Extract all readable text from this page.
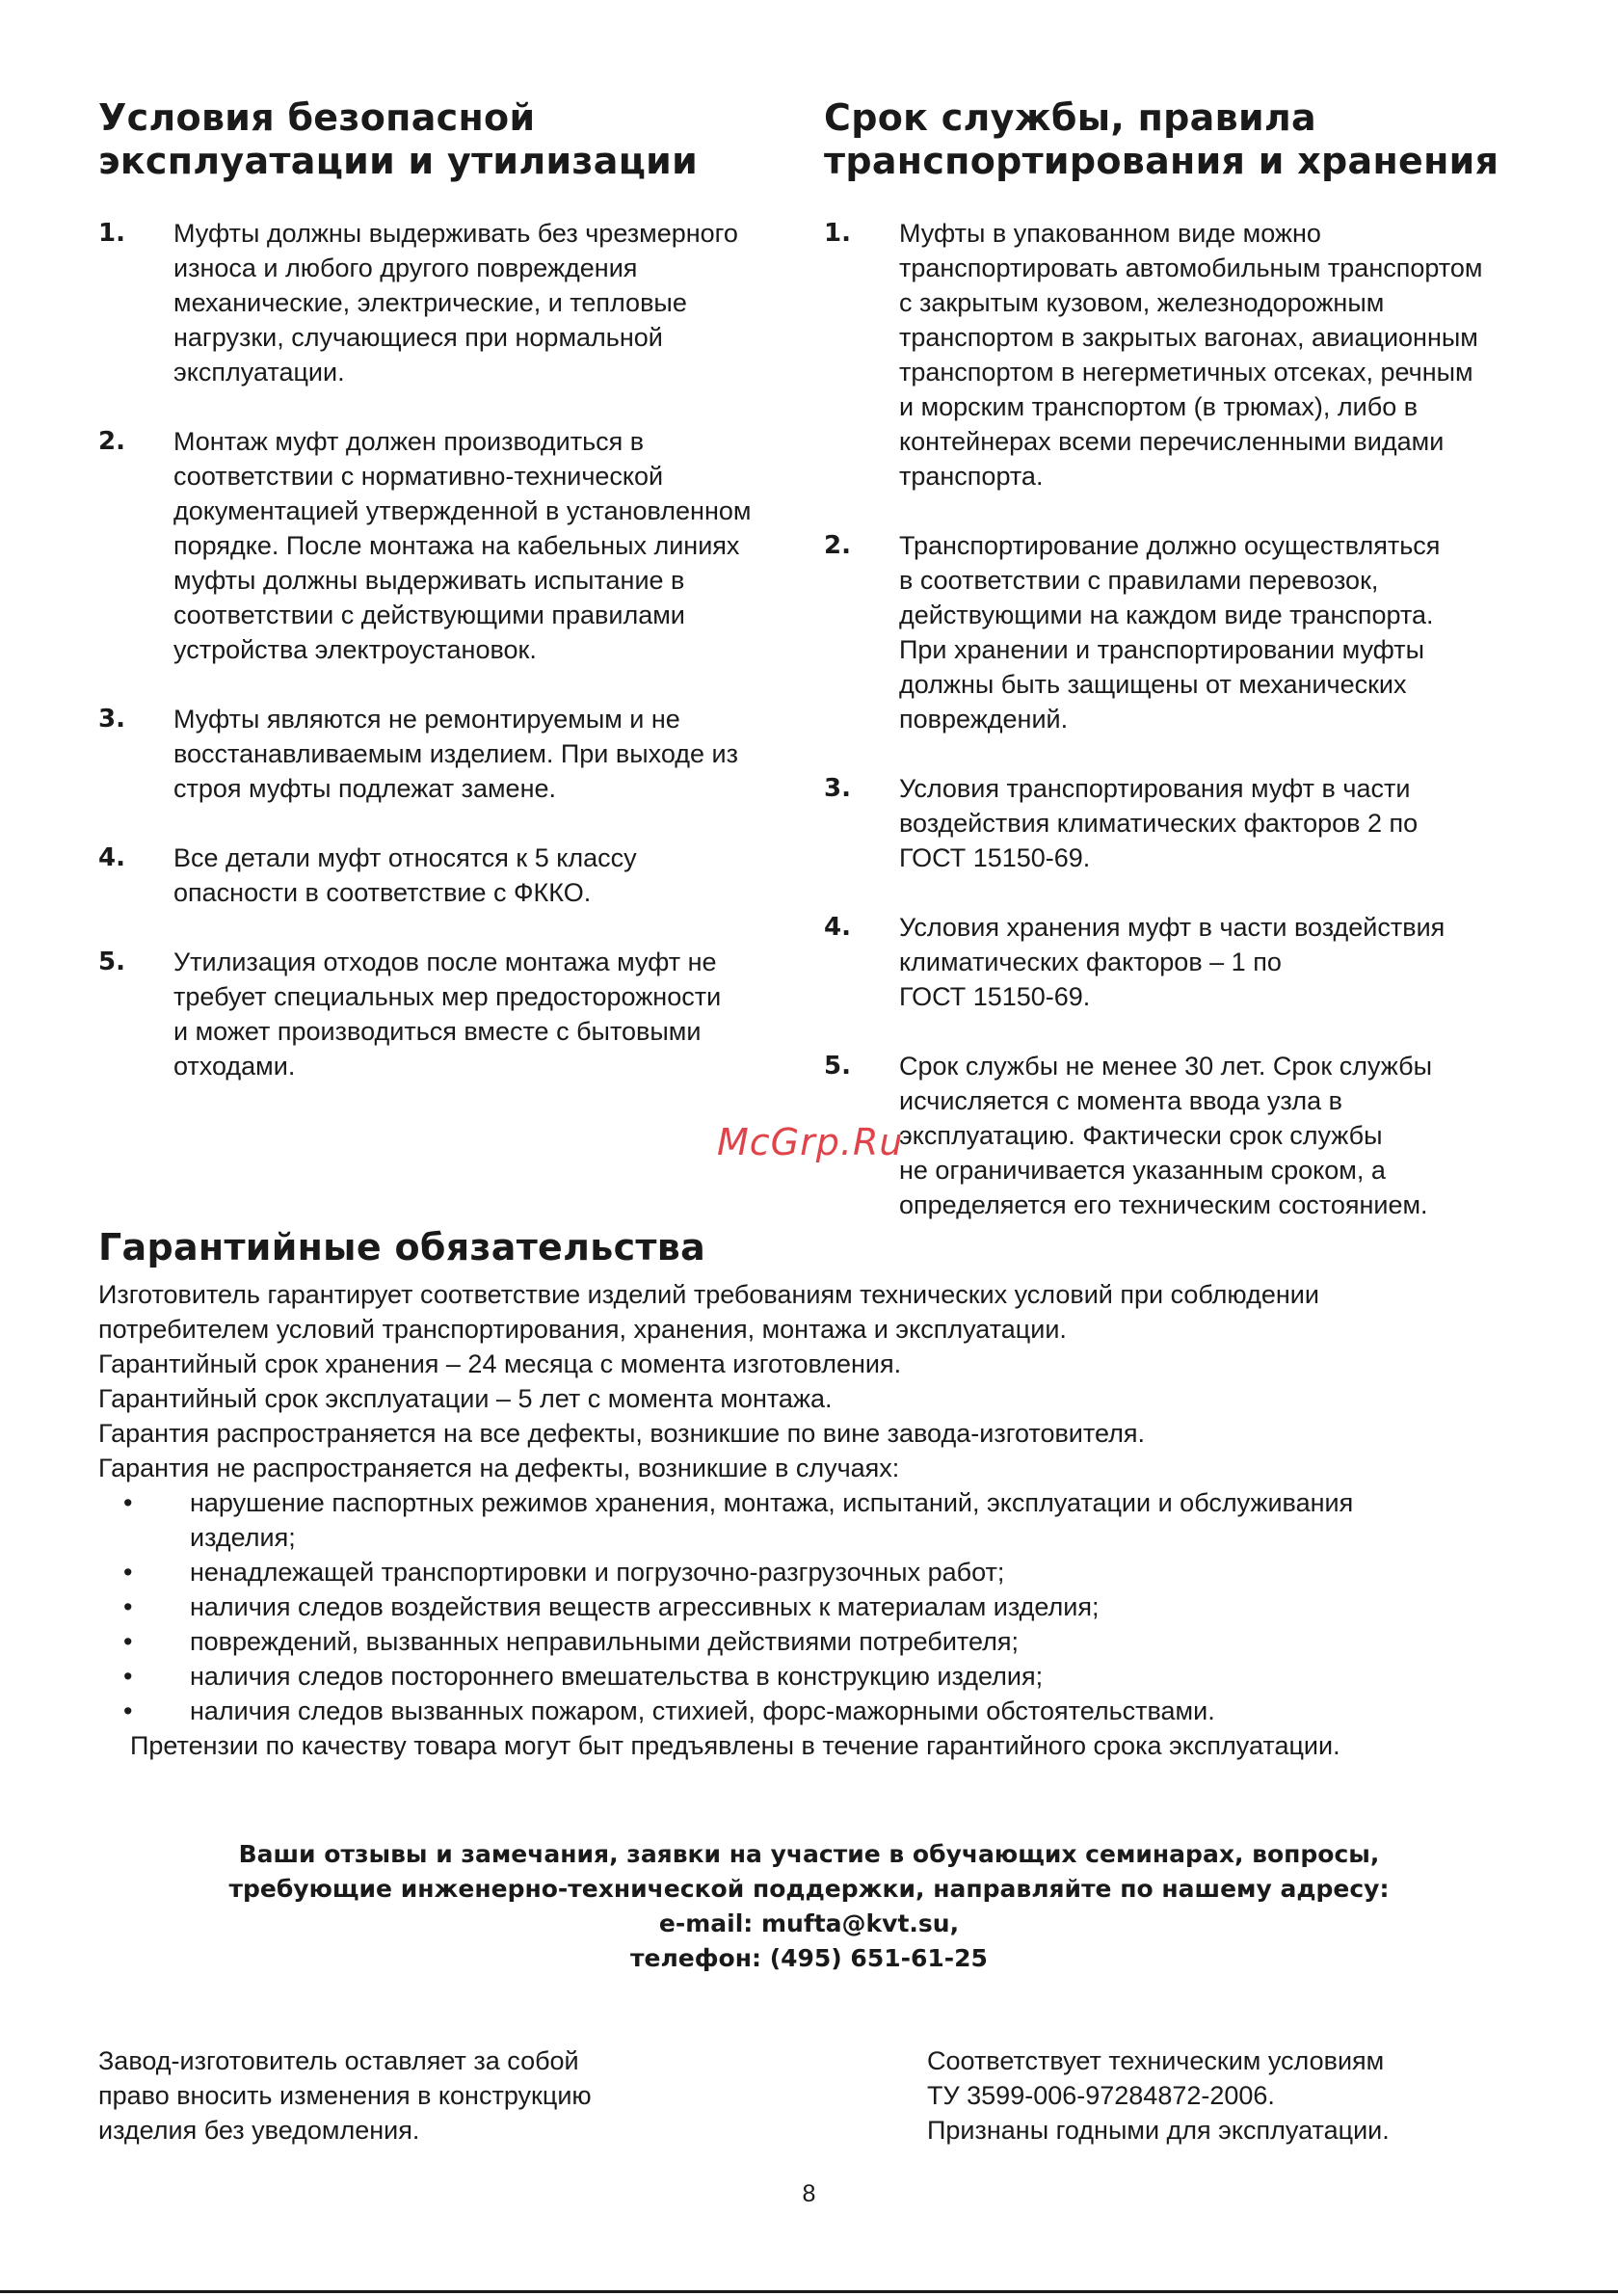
Условия безопасной
эксплуатации и утилизации
1. Муфты должны выдерживать без чрезмерного
износа и любого другого повреждения
механические, электрические, и тепловые
нагрузки, случающиеся при нормальной
эксплуатации.
2. Монтаж муфт должен производиться в
соответствии с нормативно-технической
документацией утвержденной в установленном
порядке. После монтажа на кабельных линиях
муфты должны выдерживать испытание в
соответствии с действующими правилами
устройства электроустановок.
3. Муфты являются не ремонтируемым и не
восстанавливаемым изделием. При выходе из
строя муфты подлежат замене.
4. Все детали муфт относятся к 5 классу
опасности в соответствие с ФККО.
5. Утилизация отходов после монтажа муфт не
требует специальных мер предосторожности
и может производиться вместе с бытовыми
отходами.
Срок службы, правила
транспортирования и хранения
1. Муфты в упакованном виде можно
транспортировать автомобильным транспортом
с закрытым кузовом, железнодорожным
транспортом в закрытых вагонах, авиационным
транспортом в негерметичных отсеках, речным
и морским транспортом (в трюмах), либо в
контейнерах всеми перечисленными видами
транспорта.
2. Транспортирование должно осуществляться
в соответствии с правилами перевозок,
действующими на каждом виде транспорта.
При хранении и транспортировании муфты
должны быть защищены от механических
повреждений.
3. Условия транспортирования муфт в части
воздействия климатических факторов 2 по
ГОСТ 15150-69.
4. Условия хранения муфт в части воздействия
климатических факторов – 1 по
ГОСТ 15150-69.
5. Срок службы не менее 30 лет. Срок службы
исчисляется с момента ввода узла в
эксплуатацию. Фактически срок службы
не ограничивается указанным сроком, а
определяется его техническим состоянием.
McGrp.Ru
Гарантийные обязательства
Изготовитель гарантирует соответствие изделий требованиям технических условий при соблюдении
потребителем условий транспортирования, хранения, монтажа и эксплуатации.
Гарантийный срок хранения – 24 месяца с момента изготовления.
Гарантийный срок эксплуатации – 5 лет с момента монтажа.
Гарантия распространяется на все дефекты, возникшие по вине завода-изготовителя.
Гарантия не распространяется на дефекты, возникшие в случаях:
• нарушение паспортных режимов хранения, монтажа, испытаний, эксплуатации и обслуживания
изделия;
• ненадлежащей транспортировки и погрузочно-разгрузочных работ;
• наличия следов воздействия веществ агрессивных к материалам изделия;
• повреждений, вызванных неправильными действиями потребителя;
• наличия следов постороннего вмешательства в конструкцию изделия;
• наличия следов вызванных пожаром, стихией, форс-мажорными обстоятельствами.
Претензии по качеству товара могут быт предъявлены в течение гарантийного срока эксплуатации.
Ваши отзывы и замечания, заявки на участие в обучающих семинарах, вопросы,
требующие инженерно-технической поддержки, направляйте по нашему адресу:
e-mail: mufta@kvt.su,
телефон: (495) 651-61-25
Завод-изготовитель оставляет за собой
право вносить изменения в конструкцию
изделия без уведомления.
Соответствует техническим условиям
ТУ 3599-006-97284872-2006.
Признаны годными для эксплуатации.
8
